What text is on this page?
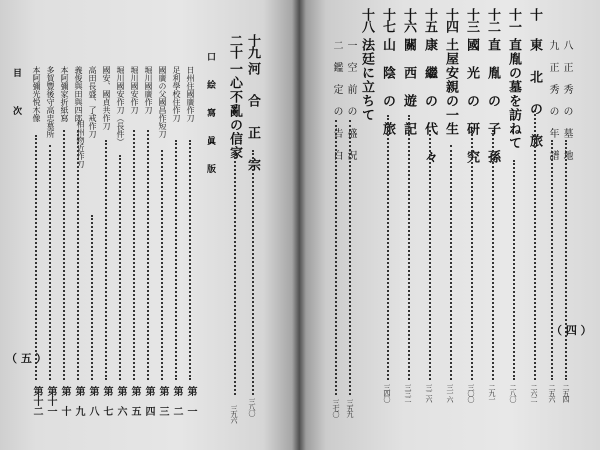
十九
河　合　正　宗
三八〇
二十
一心不亂の信家
三九六
口　絵　寫　眞　版
日州住國廣作刀
第　一
足利學校住作刀
第　二
國廣の父國昌作短刀
第　三
堀川國廣作刀
第　四
堀川國安作刀
第　五
堀川國安作刀（長件）
第　六
國安、國貞共作刀
第　七
高田長盛、了戒作刀
相州物近作刀
第　八
義俊與田與四郎
第　九
本阿彌家折紙寫
第　十
多賀豐後守高忠墓所
第十一
本阿彌光悦木像
第十二
目　次
（ 五 ）
八　正　秀　の　墓　地
二五四
九　正　秀　の　年　譜
二五六
十
東　北　の　旅
二六二
十一
直胤の墓を訪ねて
二八〇
十二
直　胤　の　子　孫
二九一
十三
國　光　の　研　究
三〇〇
十四
土屋安親の一生
三一六
十五
康　繼　の　代　々
三二六
十六
關　西　遊　記
三三二
十七
山　陰　の　旅
三四〇
十八
法廷に立ちて
一　空　前　の　盛　況
三五九
二　鑑　定　の　告　白
三七〇
（ 四 ）
